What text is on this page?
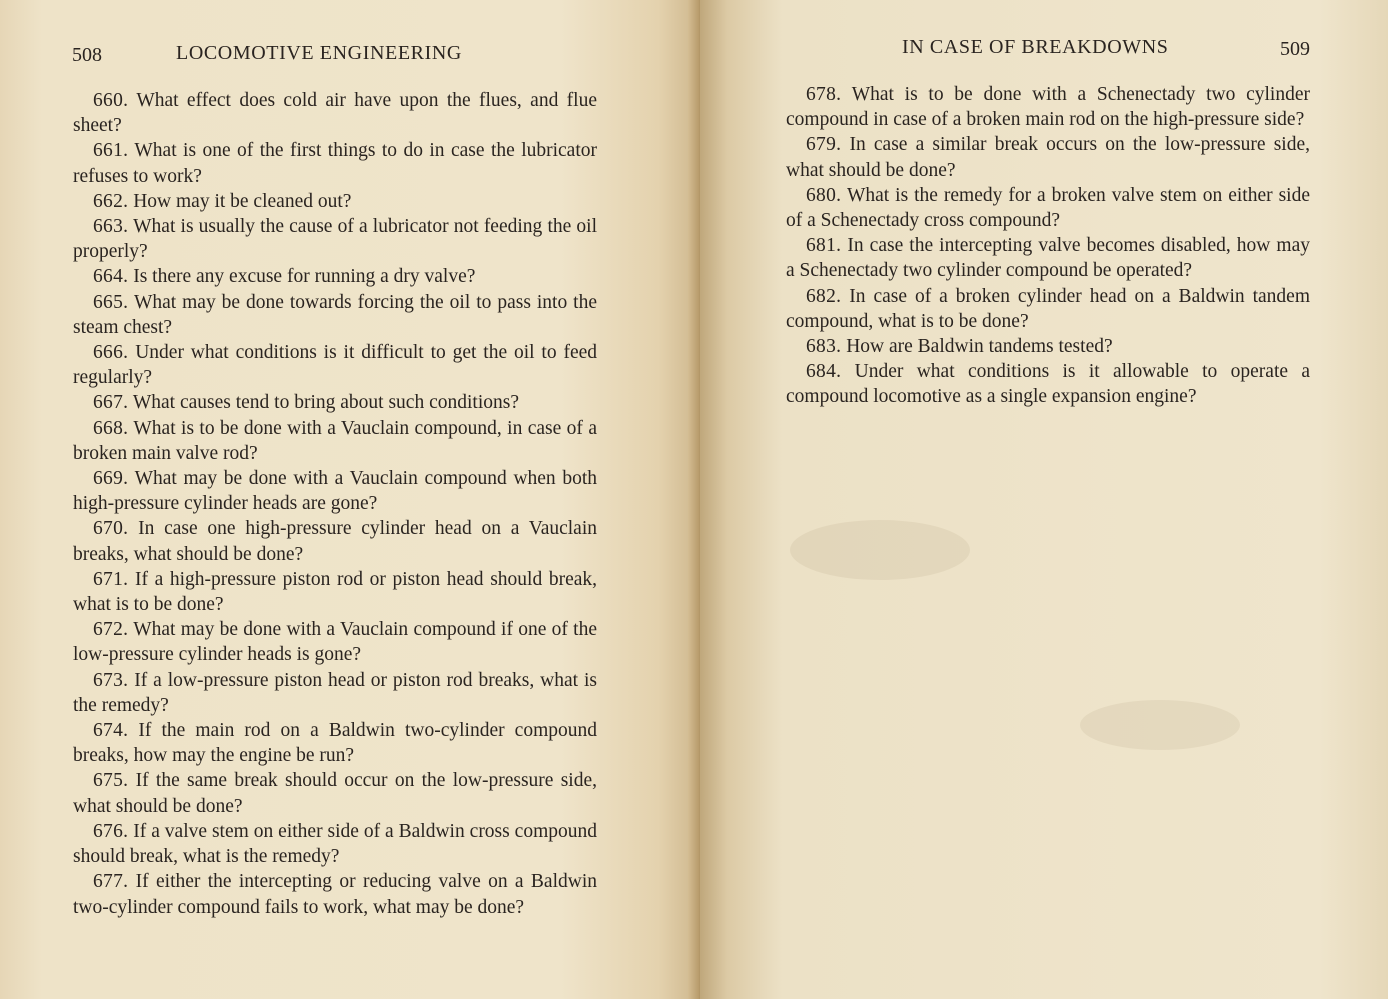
508	LOCOMOTIVE ENGINEERING

660. What effect does cold air have upon the flues, and flue sheet?

661. What is one of the first things to do in case the lubricator refuses to work?

662. How may it be cleaned out?

663. What is usually the cause of a lubricator not feeding the oil properly?

664. Is there any excuse for running a dry valve?

665. What may be done towards forcing the oil to pass into the steam chest?

666. Under what conditions is it difficult to get the oil to feed regularly?

667. What causes tend to bring about such conditions?

668. What is to be done with a Vauclain compound, in case of a broken main valve rod?

669. What may be done with a Vauclain compound when both high-pressure cylinder heads are gone?

670. In case one high-pressure cylinder head on a Vauclain breaks, what should be done?

671. If a high-pressure piston rod or piston head should break, what is to be done?

672. What may be done with a Vauclain compound if one of the low-pressure cylinder heads is gone?

673. If a low-pressure piston head or piston rod breaks, what is the remedy?

674. If the main rod on a Baldwin two-cylinder compound breaks, how may the engine be run?

675. If the same break should occur on the low-pressure side, what should be done?

676. If a valve stem on either side of a Baldwin cross compound should break, what is the remedy?

677. If either the intercepting or reducing valve on a Baldwin two-cylinder compound fails to work, what may be done?

IN CASE OF BREAKDOWNS	509

678. What is to be done with a Schenectady two cylinder compound in case of a broken main rod on the high-pressure side?

679. In case a similar break occurs on the low-pressure side, what should be done?

680. What is the remedy for a broken valve stem on either side of a Schenectady cross compound?

681. In case the intercepting valve becomes disabled, how may a Schenectady two cylinder compound be operated?

682. In case of a broken cylinder head on a Baldwin tandem compound, what is to be done?

683. How are Baldwin tandems tested?

684. Under what conditions is it allowable to operate a compound locomotive as a single expansion engine?
